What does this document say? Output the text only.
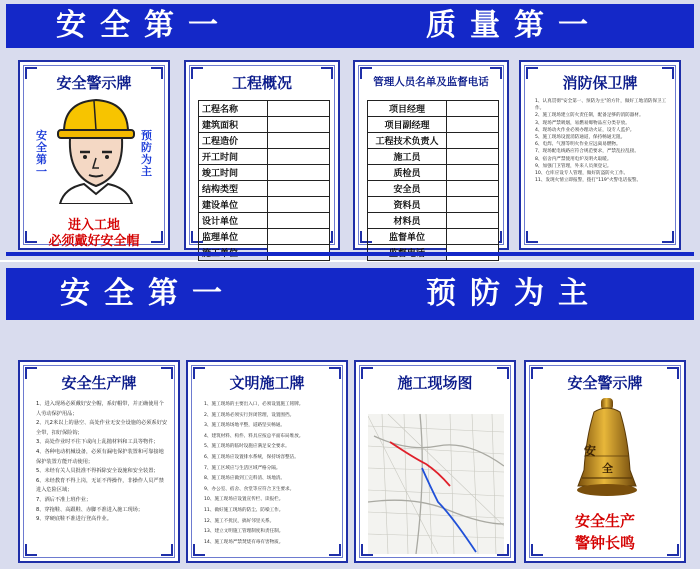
安全第一	质量第一
安全警示牌
安
全
第
一
预
防
为
主
进入工地
必须戴好安全帽
工程概况
工程名称	
建筑面积	
工程造价	
开工时间	
竣工时间	
结构类型	
建设单位	
设计单位	
监理单位	

管理人员名单及监督电话
项目经理	
项目副经理	
工程技术负责人	
施工员	
质检员	
安全员	
资料员	
材料员	
监督单位	

消防保卫牌

1、认真贯彻"安全第一、预防为主"的方针，做好工地消防保卫工作。

2、施工现场建立防火责任制，配备足够的消防器材。

3、现场严禁吸烟，易燃易爆物品应分类存放。

4、现场动火作业必须办理动火证，设专人监护。

5、施工现场设置消防通道，保持畅通无阻。

6、电焊、气割等明火作业应远离易燃物。

7、现场配电线路应符合规范要求，严禁乱拉乱接。

8、宿舍内严禁使用电炉及明火取暖。

9、加强门卫管理，外来人员须登记。

10、仓库应设专人管理，做好防盗防火工作。

11、发现火情立即报警，拨打"119"火警电话报警。

安全第一	预防为主
安全生产牌

1、进入现场必须戴好安全帽，系好帽带，并正确使用个人劳动保护用品；

2、凡2米以上的悬空、高处作业无安全设施的必须系好安全带，扣好保险钩；

3、高处作业时不往下或向上乱抛材料和工具等物件；

4、各种电动机械设备，必须有漏电保护装置和可靠接地保护装置方能开动使用；

5、未经有关人员批准不得拆除安全设施和安全装置；

6、未经教育不得上岗，无证不得操作，非操作人员严禁进入危险区域；

7、酒后不准上班作业；

8、穿拖鞋、高跟鞋、赤脚不准进入施工现场；

9、穿硬底鞋不准进行登高作业。

文明施工牌

1、施工现场的主要出入口，必须设置施工铭牌。

2、施工现场必须实行封闭管理，设置围挡。

3、施工现场场地平整，道路坚实畅通。

4、建筑材料、构件、料具应按总平面布局堆放。

5、施工现场的临时设施应满足安全要求。

6、施工现场应设置排水系统，保持场容整洁。

7、施工区域应与生活区域严格分隔。

8、施工现场应做到工完料清、场地清。

9、办公室、宿舍、食堂等应符合卫生要求。

10、施工现场应设置宣传栏、读报栏。

11、做好施工现场的防尘、防噪工作。

12、施工不扰民，搞好邻里关系。

13、建立文明施工管理制度和责任制。

14、施工现场严禁焚烧有毒有害物质。

施工现场图	安全警示牌
安
全
安全生产
警钟长鸣
